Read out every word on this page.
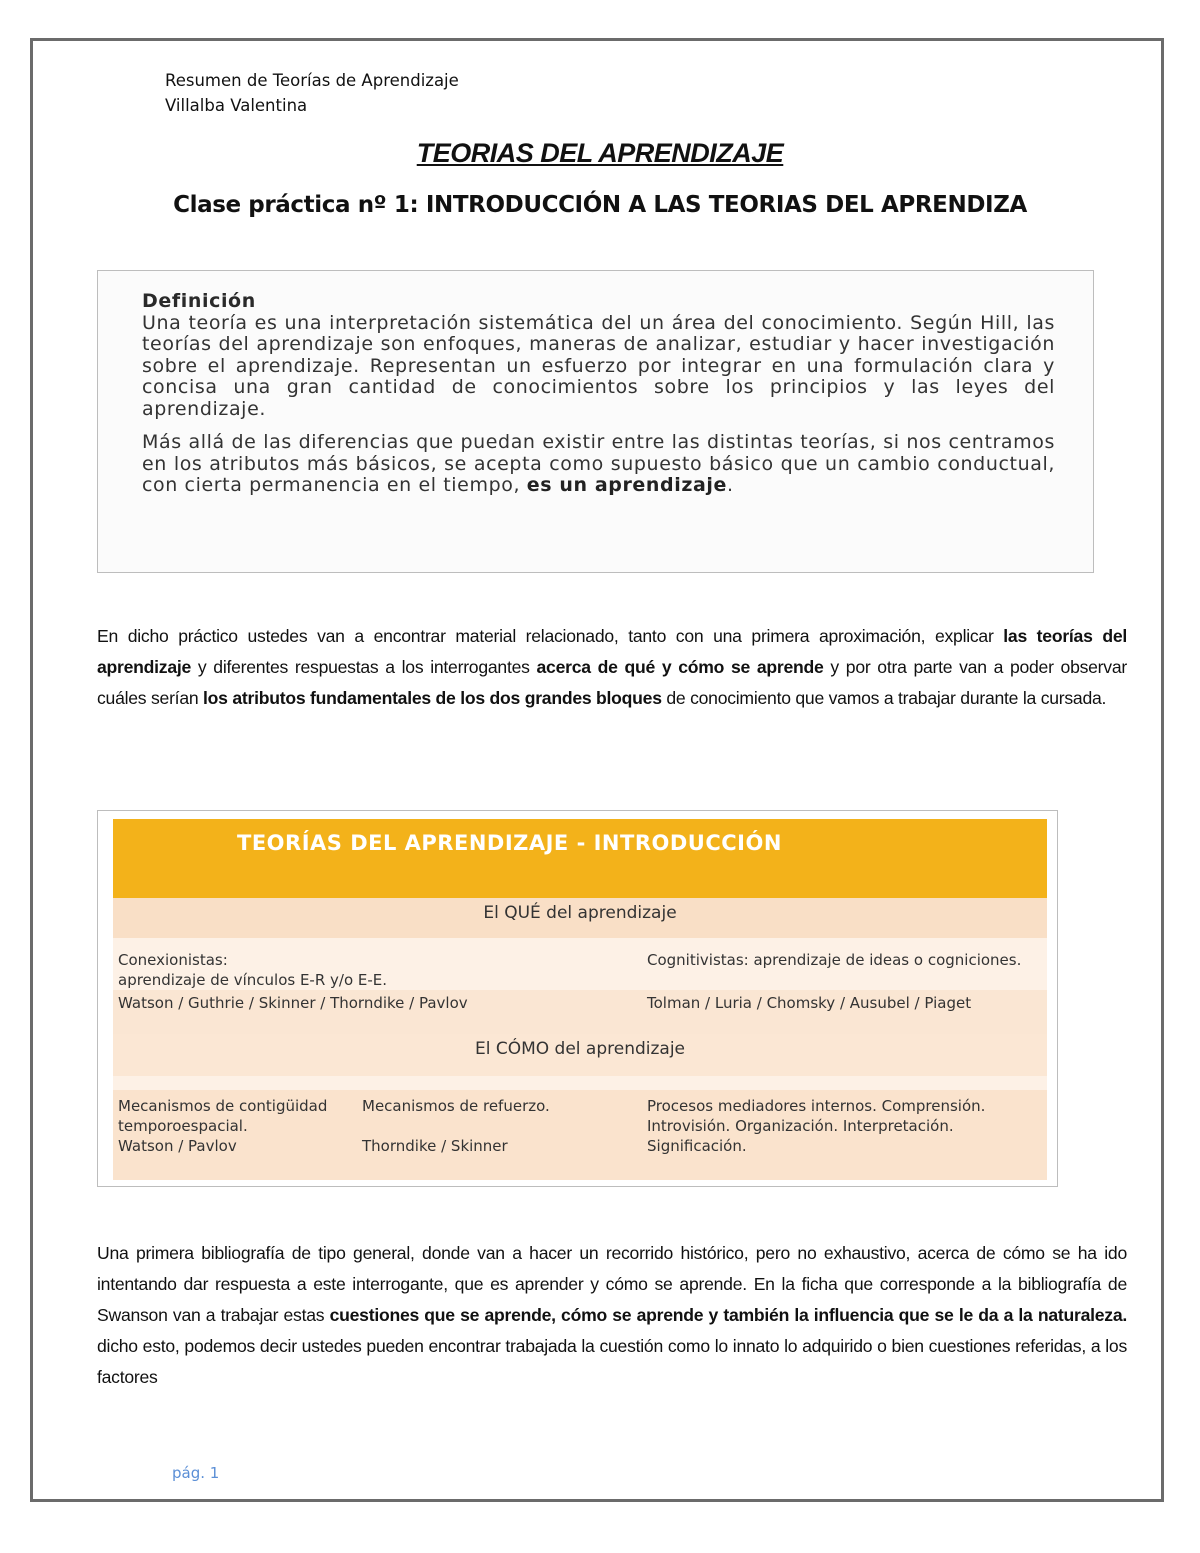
Resumen de Teorías de Aprendizaje
Villalba Valentina
TEORIAS DEL APRENDIZAJE
Clase práctica nº 1: INTRODUCCIÓN A LAS TEORIAS DEL APRENDIZA
Definición

Una teoría es una interpretación sistemática del un área del conocimiento. Según Hill, las teorías del aprendizaje son enfoques, maneras de analizar, estudiar y hacer investigación sobre el aprendizaje. Representan un esfuerzo por integrar en una formulación clara y concisa una gran cantidad de conocimientos sobre los principios y las leyes del aprendizaje.

Más allá de las diferencias que puedan existir entre las distintas teorías, si nos centramos en los atributos más básicos, se acepta como supuesto básico que un cambio conductual, con cierta permanencia en el tiempo, es un aprendizaje.

En dicho práctico ustedes van a encontrar material relacionado, tanto con una primera aproximación, explicar las teorías del aprendizaje y diferentes respuestas a los interrogantes acerca de qué y cómo se aprende y por otra parte van a poder observar cuáles serían los atributos fundamentales de los dos grandes bloques de conocimiento que vamos a trabajar durante la cursada.
TEORÍAS DEL APRENDIZAJE - INTRODUCCIÓN
El QUÉ del aprendizaje
Conexionistas:
aprendizaje de vínculos E-R y/o E-E.
Cognitivistas: aprendizaje de ideas o cogniciones.
Watson / Guthrie / Skinner / Thorndike / Pavlov	Tolman / Luria / Chomsky / Ausubel / Piaget
El CÓMO del aprendizaje
Mecanismos de contigüidad temporoespacial.
Watson / Pavlov
Mecanismos de refuerzo.
Thorndike / Skinner
Procesos mediadores internos. Comprensión. Introvisión. Organización. Interpretación. Significación.
Una primera bibliografía de tipo general, donde van a hacer un recorrido histórico, pero no exhaustivo, acerca de cómo se ha ido intentando dar respuesta a este interrogante, que es aprender y cómo se aprende. En la ficha que corresponde a la bibliografía de Swanson van a trabajar estas cuestiones que se aprende, cómo se aprende y también la influencia que se le da a la naturaleza. dicho esto, podemos decir ustedes pueden encontrar trabajada la cuestión como lo innato lo adquirido o bien cuestiones referidas, a los factores
pág. 1
